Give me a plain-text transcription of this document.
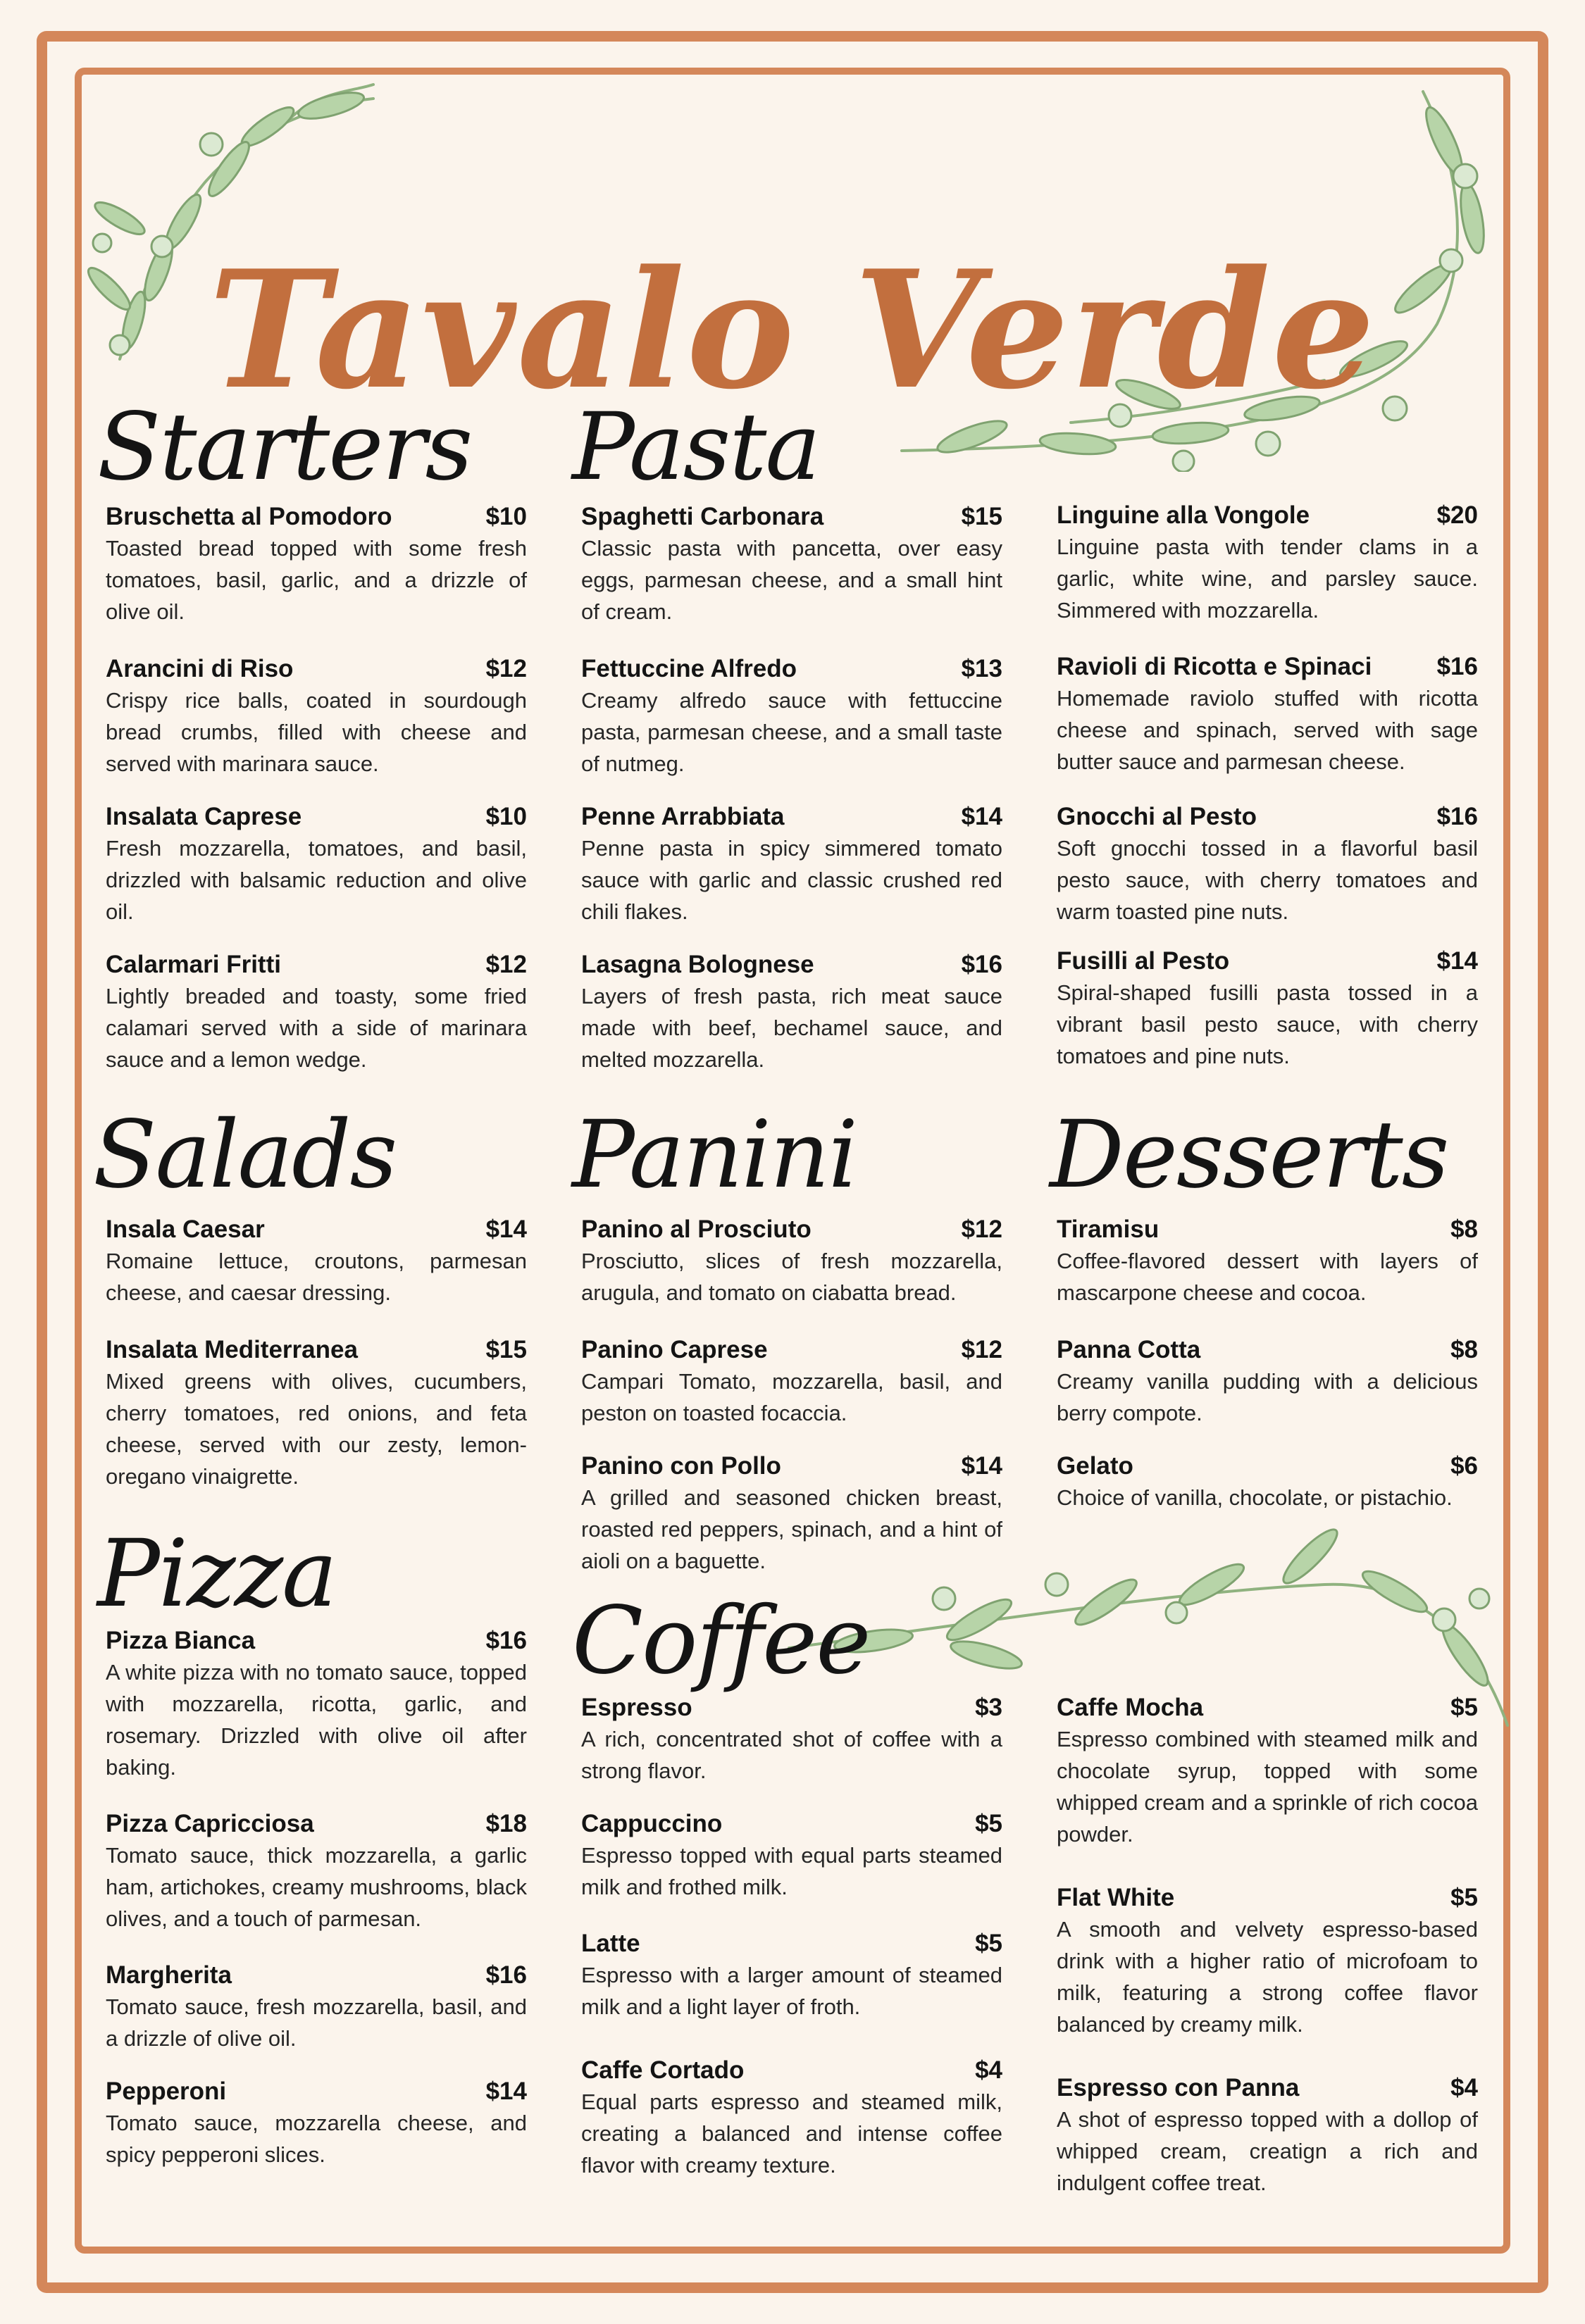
Tavalo Verde
Starters
Bruschetta al Pomodoro	$10
Toasted bread topped with some fresh tomatoes, basil, garlic, and a drizzle of olive oil.
Arancini di Riso	$12
Crispy rice balls, coated in sourdough bread crumbs, filled with cheese and served with marinara sauce.
Insalata Caprese	$10
Fresh mozzarella, tomatoes, and basil, drizzled with balsamic reduction and olive oil.
Calarmari Fritti	$12
Lightly breaded and toasty, some fried calamari served with a side of marinara sauce and a lemon wedge.
Salads
Insala Caesar	$14
Romaine lettuce, croutons, parmesan cheese, and caesar dressing.
Insalata Mediterranea	$15
Mixed greens with olives, cucumbers, cherry tomatoes, red onions, and feta cheese, served with our zesty, lemon-oregano vinaigrette.
Pizza
Pizza Bianca	$16
A white pizza with no tomato sauce, topped with mozzarella, ricotta, garlic, and rosemary. Drizzled with olive oil after baking.
Pizza Capricciosa	$18
Tomato sauce, thick mozzarella, a garlic ham, artichokes, creamy mushrooms, black olives, and a touch of parmesan.
Margherita	$16
Tomato sauce, fresh mozzarella, basil, and a drizzle of olive oil.
Pepperoni	$14
Tomato sauce, mozzarella cheese, and spicy pepperoni slices.
Pasta
Spaghetti Carbonara	$15
Classic pasta with pancetta, over easy eggs, parmesan cheese, and a small hint of cream.
Fettuccine Alfredo	$13
Creamy alfredo sauce with fettuccine pasta, parmesan cheese, and a small taste of nutmeg.
Penne Arrabbiata	$14
Penne pasta in spicy simmered tomato sauce with garlic and classic crushed red chili flakes.
Lasagna Bolognese	$16
Layers of fresh pasta, rich meat sauce made with beef, bechamel sauce, and melted mozzarella.
Panini
Panino al Prosciuto	$12
Prosciutto, slices of fresh mozzarella, arugula, and tomato on ciabatta bread.
Panino Caprese	$12
Campari Tomato, mozzarella, basil, and peston on toasted focaccia.
Panino con Pollo	$14
A grilled and seasoned chicken breast, roasted red peppers, spinach, and a hint of aioli on a baguette.
Coffee
Espresso	$3
A rich, concentrated shot of coffee with a strong flavor.
Cappuccino	$5
Espresso topped with equal parts steamed milk and frothed milk.
Latte	$5
Espresso with a larger amount of steamed milk and a light layer of froth.
Caffe Cortado	$4
Equal parts espresso and steamed milk, creating a balanced and intense coffee flavor with creamy texture.
Linguine alla Vongole	$20
Linguine pasta with tender clams in a garlic, white wine, and parsley sauce. Simmered with mozzarella.
Ravioli di Ricotta e Spinaci	$16
Homemade raviolo stuffed with ricotta cheese and spinach, served with sage butter sauce and parmesan cheese.
Gnocchi al Pesto	$16
Soft gnocchi tossed in a flavorful basil pesto sauce, with cherry tomatoes and warm toasted pine nuts.
Fusilli al Pesto	$14
Spiral-shaped fusilli pasta tossed in a vibrant basil pesto sauce, with cherry tomatoes and pine nuts.
Desserts
Tiramisu	$8
Coffee-flavored dessert with layers of mascarpone cheese and cocoa.
Panna Cotta	$8
Creamy vanilla pudding with a delicious berry compote.
Gelato	$6
Choice of vanilla, chocolate, or pistachio.
Caffe Mocha	$5
Espresso combined with steamed milk and chocolate syrup, topped with some whipped cream and a sprinkle of rich cocoa powder.
Flat White	$5
A smooth and velvety espresso-based drink with a higher ratio of microfoam to milk, featuring a strong coffee flavor balanced by creamy milk.
Espresso con Panna	$4
A shot of espresso topped with a dollop of whipped cream, creatign a rich and indulgent coffee treat.
